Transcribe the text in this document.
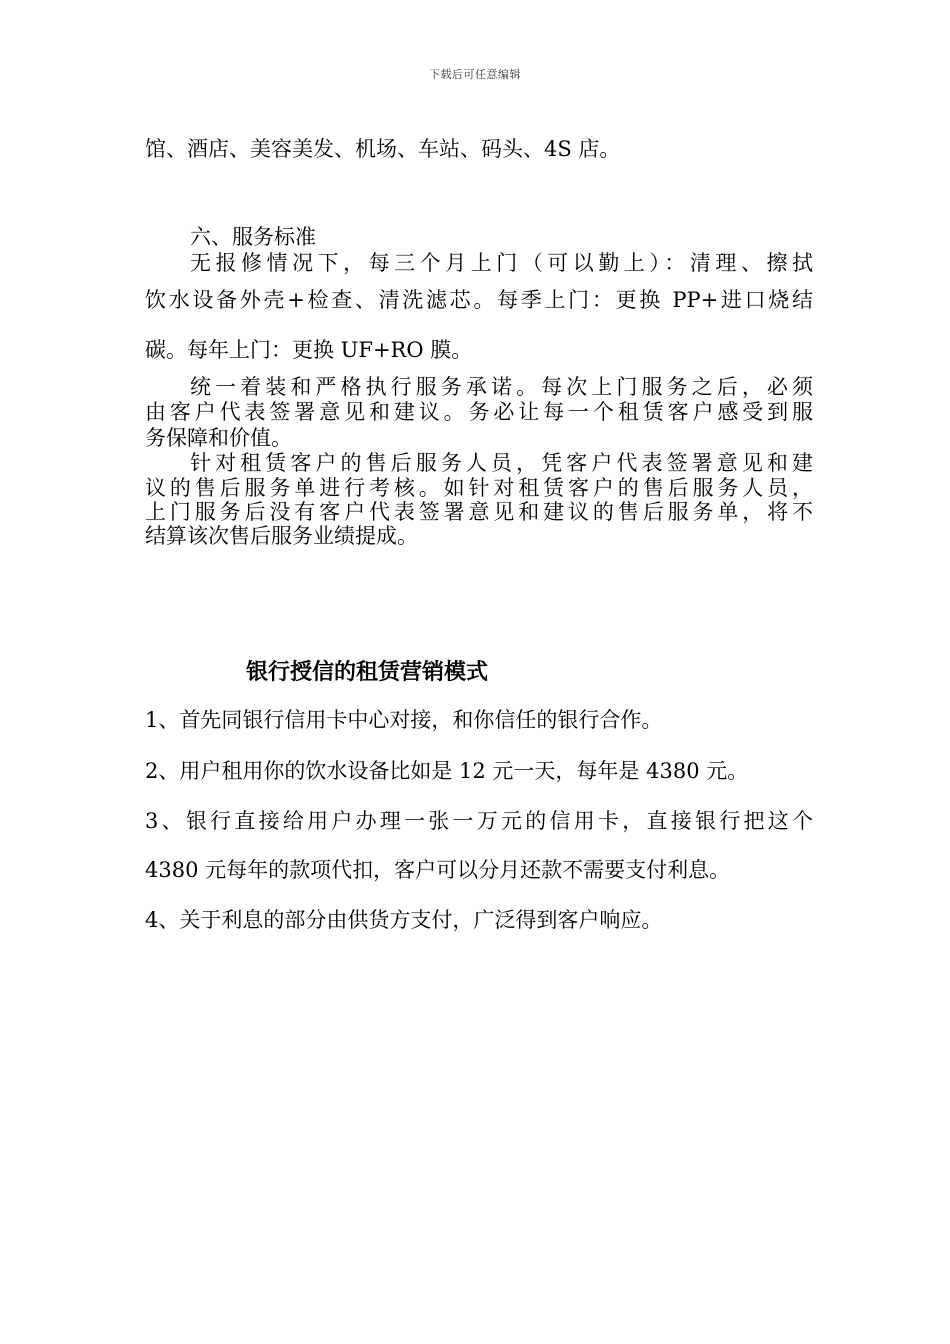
下载后可任意编辑
馆、酒店、美容美发、机场、车站、码头、4S 店。
六、服务标准
无报修情况下，每三个月上门（可以勤上）：清理、擦拭
饮水设备外壳+检查、清洗滤芯。每季上门：更换 PP+进口烧结
碳。每年上门：更换 UF+RO 膜。
统一着装和严格执行服务承诺。每次上门服务之后，必须
由客户代表签署意见和建议。务必让每一个租赁客户感受到服
务保障和价值。
针对租赁客户的售后服务人员，凭客户代表签署意见和建
议的售后服务单进行考核。如针对租赁客户的售后服务人员，
上门服务后没有客户代表签署意见和建议的售后服务单，将不
结算该次售后服务业绩提成。
银行授信的租赁营销模式
1、首先同银行信用卡中心对接，和你信任的银行合作。
2、用户租用你的饮水设备比如是 12 元一天，每年是 4380 元。
3、银行直接给用户办理一张一万元的信用卡，直接银行把这个
4380 元每年的款项代扣，客户可以分月还款不需要支付利息。
4、关于利息的部分由供货方支付，广泛得到客户响应。
